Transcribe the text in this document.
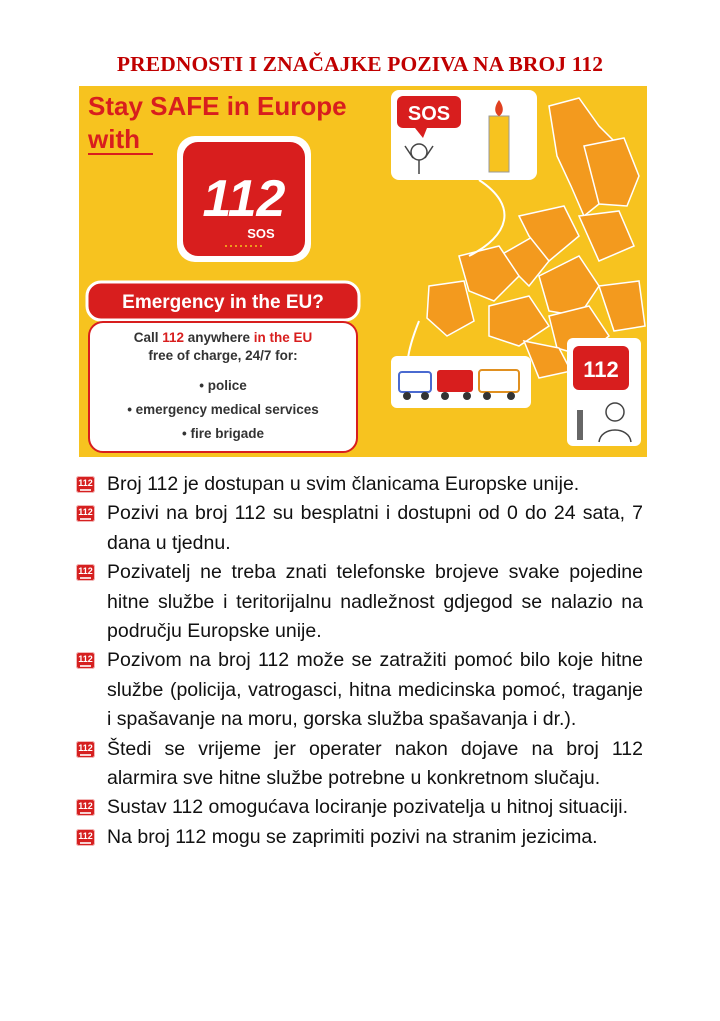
PREDNOSTI I ZNAČAJKE POZIVA NA BROJ 112
Stay SAFE in Europe
with
112
SOS
SOS
112
Emergency in the EU?
Call 112 anywhere in the EU
free of charge, 24/7 for:
• police
• emergency medical services
• fire brigade
112 Broj 112 je dostupan u svim članicama Europske unije.
112 Pozivi na broj 112 su besplatni i dostupni od 0 do 24 sata, 7 dana u tjednu.
112 Pozivatelj ne treba znati telefonske brojeve svake pojedine hitne službe i teritorijalnu nadležnost gdjegod se nalazio na području Europske unije.
112 Pozivom na broj 112 može se zatražiti pomoć bilo koje hitne službe (policija, vatrogasci, hitna medicinska pomoć, traganje i spašavanje na moru, gorska služba spašavanja i dr.).
112 Štedi se vrijeme jer operater nakon dojave na broj 112 alarmira sve hitne službe potrebne u konkretnom slučaju.
112 Sustav 112 omogućava lociranje pozivatelja u hitnoj situaciji.
112 Na broj 112 mogu se zaprimiti pozivi na stranim jezicima.
